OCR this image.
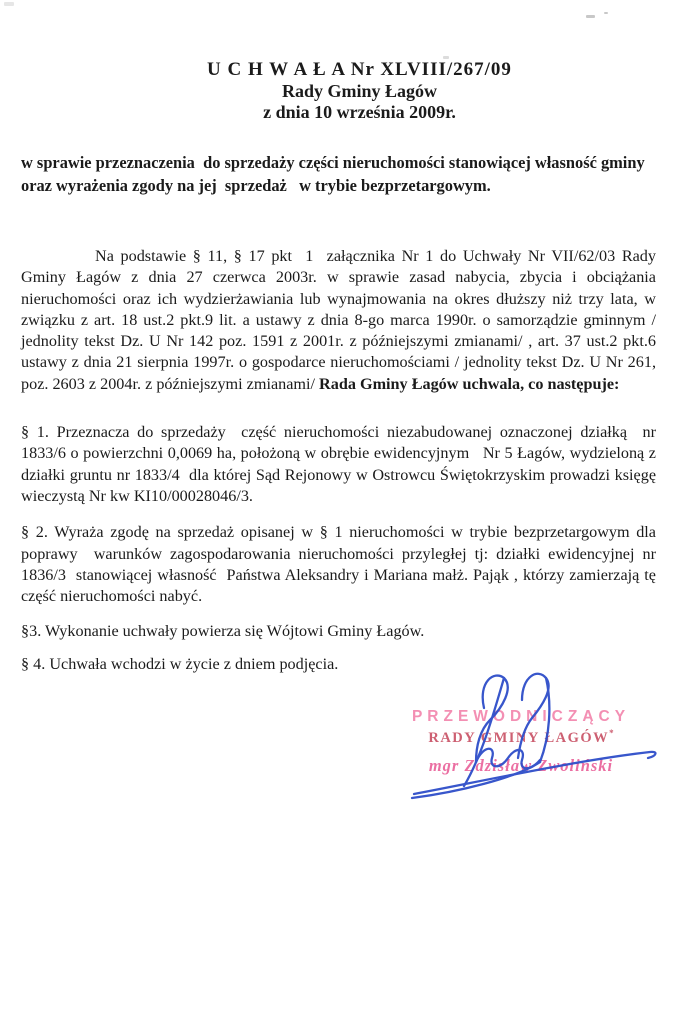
U C H W A Ł A Nr XLVIII/267/09
Rady Gminy Łagów
z dnia 10 września 2009r.
w sprawie przeznaczenia  do sprzedaży części nieruchomości stanowiącej własność gminy oraz wyrażenia zgody na jej  sprzedaż   w trybie bezprzetargowym.

Na podstawie § 11, § 17 pkt  1  załącznika Nr 1 do Uchwały Nr VII/62/03 Rady Gminy Łagów z dnia 27 czerwca 2003r. w sprawie zasad nabycia, zbycia i obciążania nieruchomości oraz ich wydzierżawiania lub wynajmowania na okres dłuższy niż trzy lata, w związku z art. 18 ust.2 pkt.9 lit. a ustawy z dnia 8-go marca 1990r. o samorządzie gminnym / jednolity tekst Dz. U Nr 142 poz. 1591 z 2001r. z późniejszymi zmianami/ , art. 37 ust.2 pkt.6 ustawy z dnia 21 sierpnia 1997r. o gospodarce nieruchomościami / jednolity tekst Dz. U Nr 261, poz. 2603 z 2004r. z późniejszymi zmianami/ Rada Gminy Łagów uchwala, co następuje:

§ 1. Przeznacza do sprzedaży  część nieruchomości niezabudowanej oznaczonej działką  nr 1833/6 o powierzchni 0,0069 ha, położoną w obrębie ewidencyjnym   Nr 5 Łagów, wydzieloną z działki gruntu nr 1833/4  dla której Sąd Rejonowy w Ostrowcu Świętokrzyskim prowadzi księgę wieczystą Nr kw KI10/00028046/3.

§ 2. Wyraża zgodę na sprzedaż opisanej w § 1 nieruchomości w trybie bezprzetargowym dla poprawy  warunków zagospodarowania nieruchomości przyległej tj: działki ewidencyjnej nr 1836/3  stanowiącej własność  Państwa Aleksandry i Mariana małż. Pająk , którzy zamierzają tę  część nieruchomości nabyć.

§3. Wykonanie uchwały powierza się Wójtowi Gminy Łagów.

§ 4. Uchwała wchodzi w życie z dniem podjęcia.

PRZEWODNICZĄCY
RADY GMINY ŁAGÓW*
mgr Zdzisław Zwoliński
